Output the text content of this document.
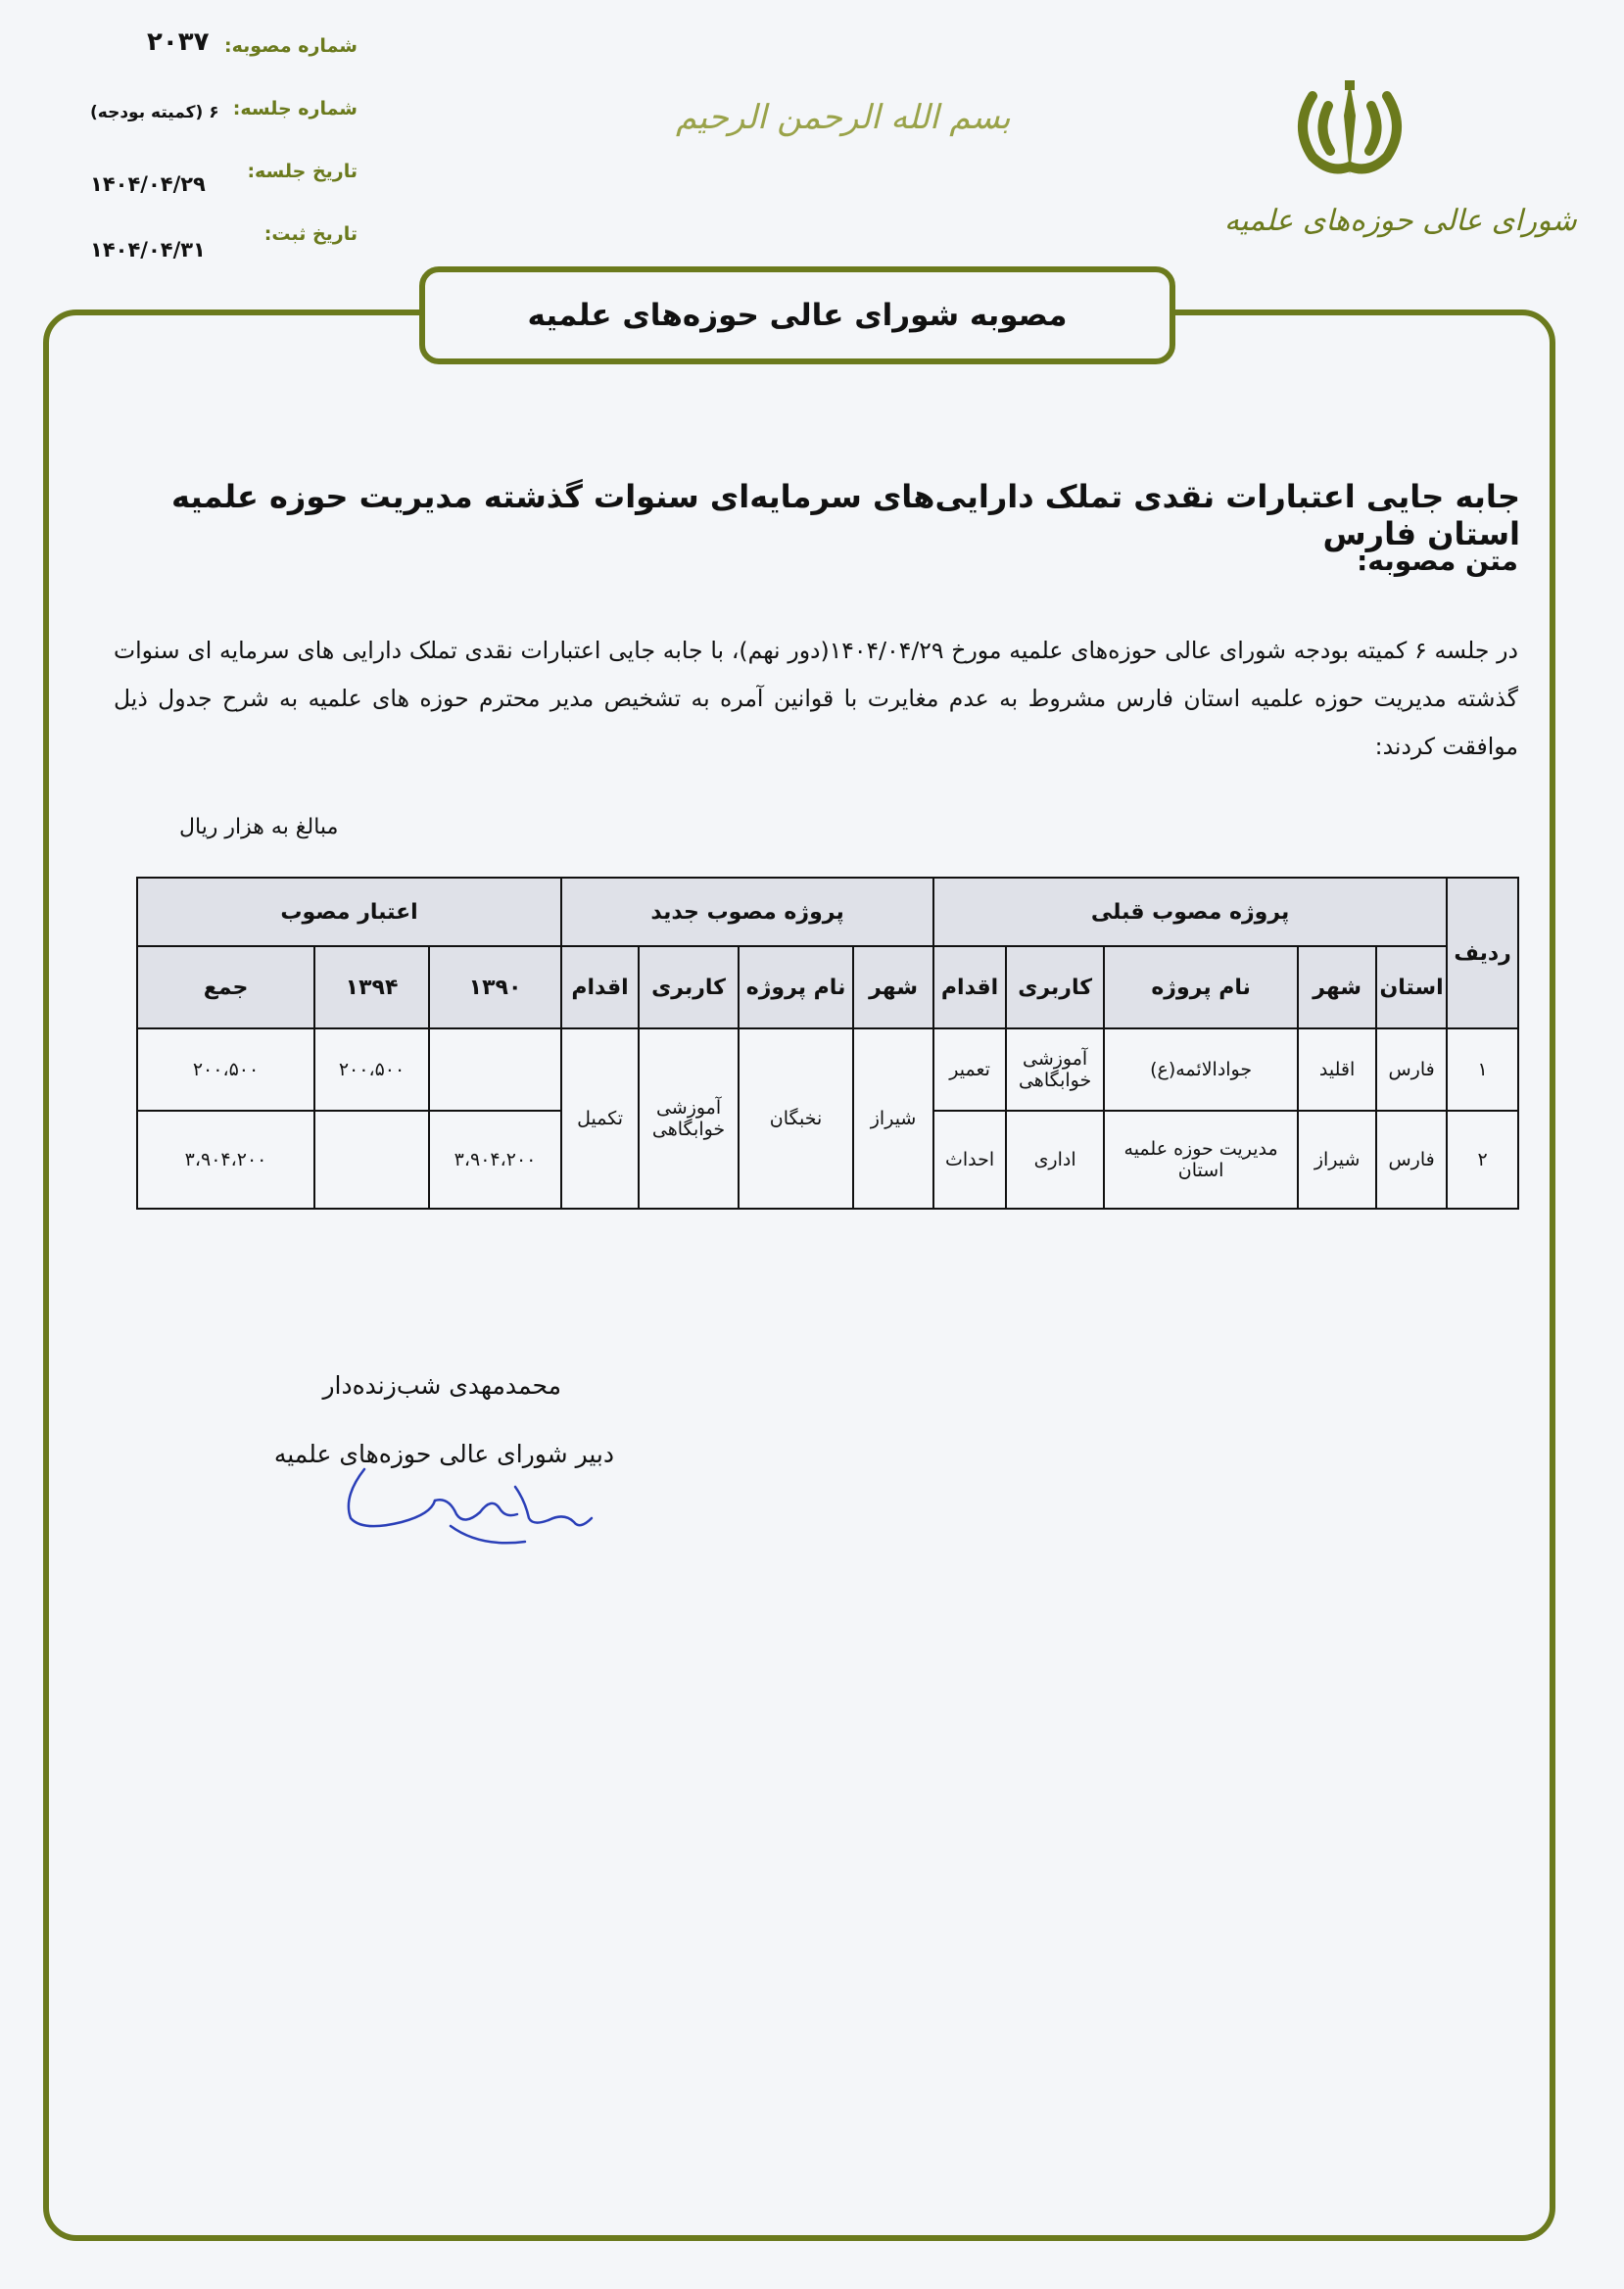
شماره مصوبه:
۲۰۳۷
شماره جلسه:
۶ (کمیته بودجه)
تاریخ جلسه:
۱۴۰۴/۰۴/۲۹
تاریخ ثبت:
۱۴۰۴/۰۴/۳۱
بسم الله الرحمن الرحیم
شورای عالی حوزه‌های علمیه
مصوبه شورای عالی حوزه‌های علمیه
جابه جایی اعتبارات نقدی تملک دارایی‌های سرمایه‌ای سنوات گذشته مدیریت حوزه علمیه استان فارس
متن مصوبه:
در جلسه ۶ کمیته بودجه شورای عالی حوزه‌های علمیه مورخ ۱۴۰۴/۰۴/۲۹(دور نهم)، با جابه جایی اعتبارات نقدی تملک دارایی های سرمایه ای سنوات گذشته مدیریت حوزه علمیه استان فارس مشروط به عدم مغایرت با قوانین آمره به تشخیص مدیر محترم حوزه های علمیه به شرح جدول ذیل موافقت کردند:
مبالغ به هزار ریال
ردیف	پروژه مصوب قبلی					پروژه مصوب جدید				اعتبار مصوب		
	استان	شهر	نام پروژه	کاربری	اقدام	شهر	نام پروژه	کاربری	اقدام	۱۳۹۰	۱۳۹۴	جمع
۱	فارس	اقلید	جوادالائمه(ع)	آموزشی خوابگاهی	تعمیر	شیراز	نخبگان	آموزشی خوابگاهی	تکمیل		۲۰۰،۵۰۰	۲۰۰،۵۰۰
۲	فارس	شیراز	مدیریت حوزه علمیه استان	اداری	احداث					۳،۹۰۴،۲۰۰		۳،۹۰۴،۲۰۰
محمدمهدی شب‌زنده‌دار
دبیر شورای عالی حوزه‌های علمیه
